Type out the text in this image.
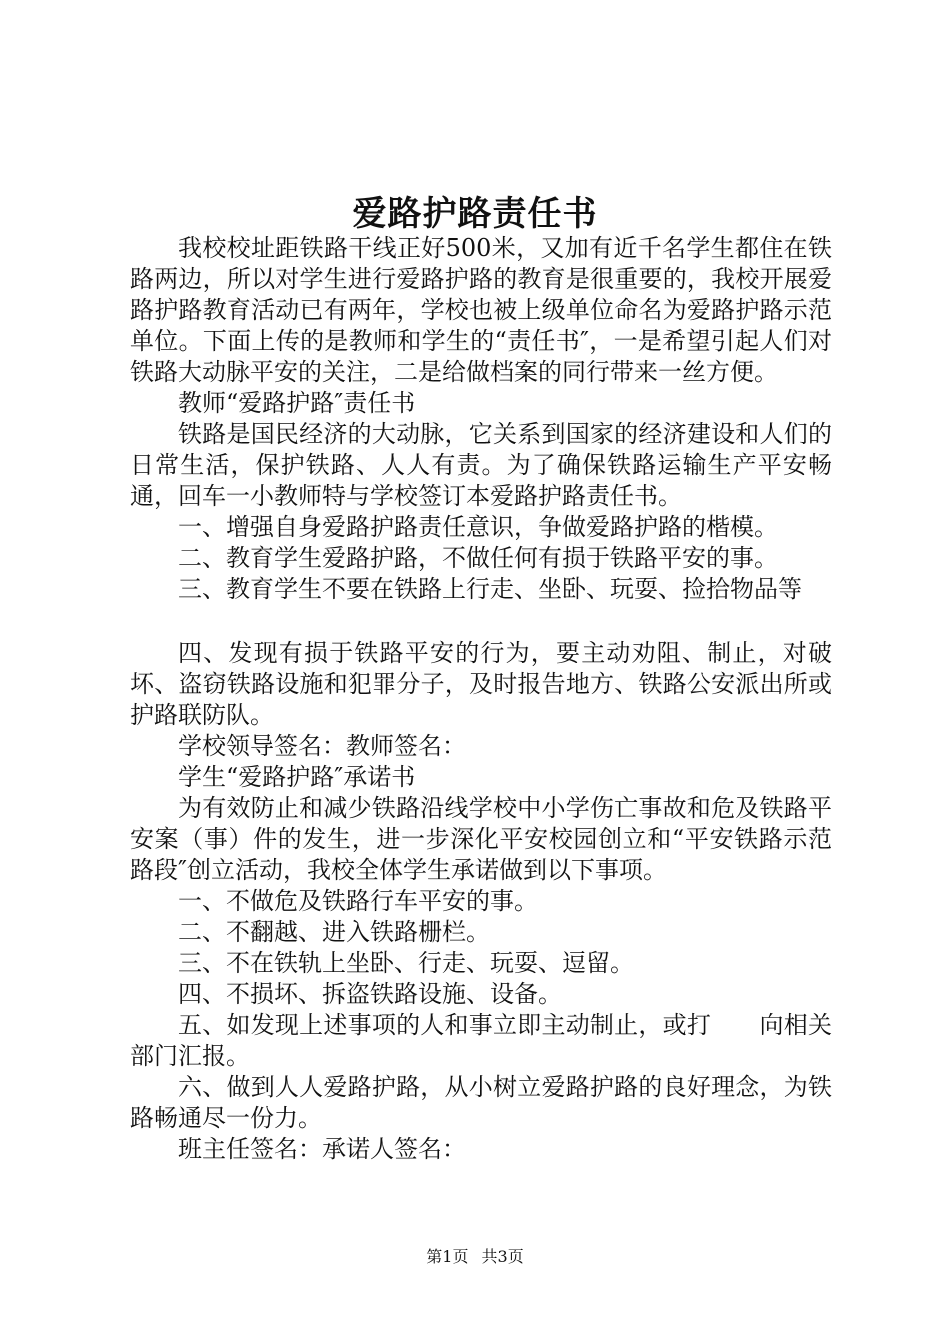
爱路护路责任书

我校校址距铁路干线正好500米，又加有近千名学生都住在铁路两边，所以对学生进行爱路护路的教育是很重要的，我校开展爱路护路教育活动已有两年，学校也被上级单位命名为爱路护路示范单位。下面上传的是教师和学生的“责任书″，一是希望引起人们对铁路大动脉平安的关注，二是给做档案的同行带来一丝方便。

教师“爱路护路″责任书

铁路是国民经济的大动脉，它关系到国家的经济建设和人们的日常生活，保护铁路、人人有责。为了确保铁路运输生产平安畅通，回车一小教师特与学校签订本爱路护路责任书。

一、增强自身爱路护路责任意识，争做爱路护路的楷模。

二、教育学生爱路护路，不做任何有损于铁路平安的事。

三、教育学生不要在铁路上行走、坐卧、玩耍、捡拾物品等

四、发现有损于铁路平安的行为，要主动劝阻、制止，对破坏、盗窃铁路设施和犯罪分子，及时报告地方、铁路公安派出所或护路联防队。

学校领导签名：教师签名：

学生“爱路护路″承诺书

为有效防止和减少铁路沿线学校中小学伤亡事故和危及铁路平安案（事）件的发生，进一步深化平安校园创立和“平安铁路示范路段″创立活动，我校全体学生承诺做到以下事项。

一、不做危及铁路行车平安的事。

二、不翻越、进入铁路栅栏。

三、不在铁轨上坐卧、行走、玩耍、逗留。

四、不损坏、拆盗铁路设施、设备。

五、如发现上述事项的人和事立即主动制止，或打　　向相关部门汇报。

六、做到人人爱路护路，从小树立爱路护路的良好理念，为铁路畅通尽一份力。

班主任签名：承诺人签名：

第1页 共3页
